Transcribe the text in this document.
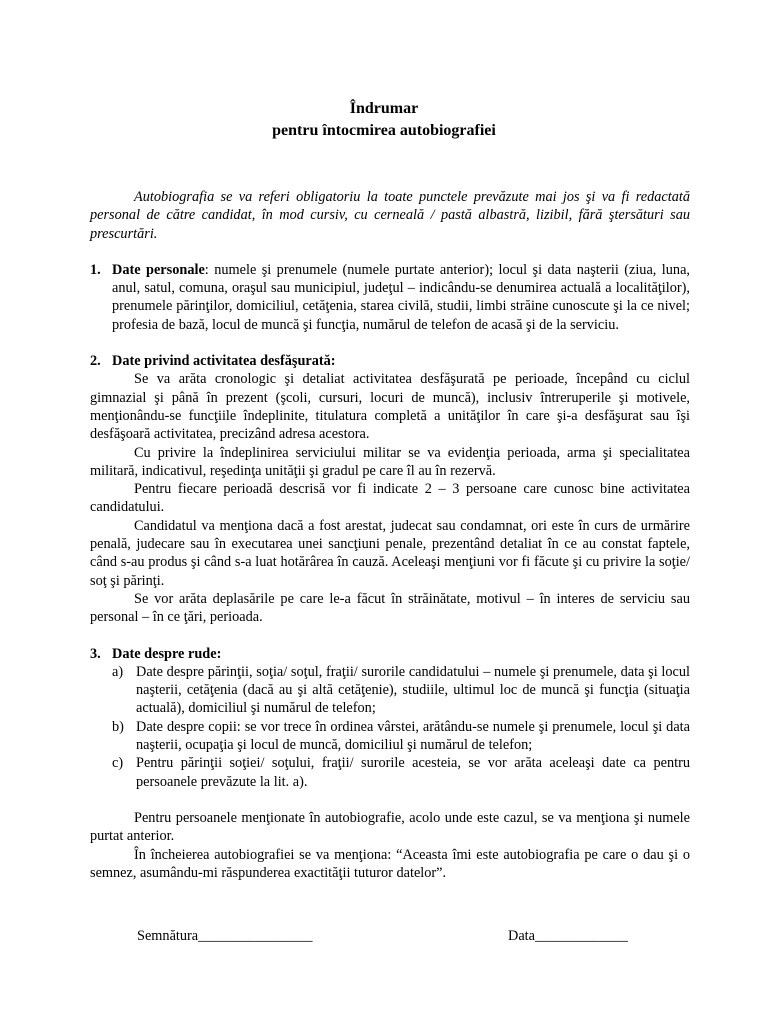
Îndrumar
pentru întocmirea autobiografiei

Autobiografia se va referi obligatoriu la toate punctele prevăzute mai jos şi va fi redactată personal de către candidat, în mod cursiv, cu cerneală / pastă albastră, lizibil, fără ştersături sau prescurtări.

1. Date personale: numele şi prenumele (numele purtate anterior); locul şi data naşterii (ziua, luna, anul, satul, comuna, oraşul sau municipiul, judeţul – indicându-se denumirea actuală a localităţilor), prenumele părinţilor, domiciliul, cetăţenia, starea civilă, studii, limbi străine cunoscute şi la ce nivel; profesia de bază, locul de muncă şi funcţia, numărul de telefon de acasă şi de la serviciu.
2. Date privind activitatea desfăşurată:

Se va arăta cronologic şi detaliat activitatea desfăşurată pe perioade, începând cu ciclul gimnazial şi până în prezent (şcoli, cursuri, locuri de muncă), inclusiv întreruperile şi motivele, menţionându-se funcţiile îndeplinite, titulatura completă a unităţilor în care şi-a desfăşurat sau îşi desfăşoară activitatea, precizând adresa acestora.

Cu privire la îndeplinirea serviciului militar se va evidenţia perioada, arma şi specialitatea militară, indicativul, reşedinţa unităţii şi gradul pe care îl au în rezervă.

Pentru fiecare perioadă descrisă vor fi indicate 2 – 3 persoane care cunosc bine activitatea candidatului.

Candidatul va menţiona dacă a fost arestat, judecat sau condamnat, ori este în curs de urmărire penală, judecare sau în executarea unei sancţiuni penale, prezentând detaliat în ce au constat faptele, când s-au produs şi când s-a luat hotărârea în cauză. Aceleaşi menţiuni vor fi făcute şi cu privire la soţie/ soţ şi părinţi.

Se vor arăta deplasările pe care le-a făcut în străinătate, motivul – în interes de serviciu sau personal – în ce ţări, perioada.

3. Date despre rude:
a) Date despre părinţii, soţia/ soţul, fraţii/ surorile candidatului – numele şi prenumele, data şi locul naşterii, cetăţenia (dacă au şi altă cetăţenie), studiile, ultimul loc de muncă şi funcţia (situaţia actuală), domiciliul şi numărul de telefon;
b) Date despre copii: se vor trece în ordinea vârstei, arătându-se numele şi prenumele, locul şi data naşterii, ocupaţia şi locul de muncă, domiciliul şi numărul de telefon;
c) Pentru părinţii soţiei/ soţului, fraţii/ surorile acesteia, se vor arăta aceleaşi date ca pentru persoanele prevăzute la lit. a).

Pentru persoanele menţionate în autobiografie, acolo unde este cazul, se va menţiona şi numele purtat anterior.

În încheierea autobiografiei se va menţiona: “Aceasta îmi este autobiografia pe care o dau şi o semnez, asumându-mi răspunderea exactităţii tuturor datelor”.

Semnătura________________	Data_____________
